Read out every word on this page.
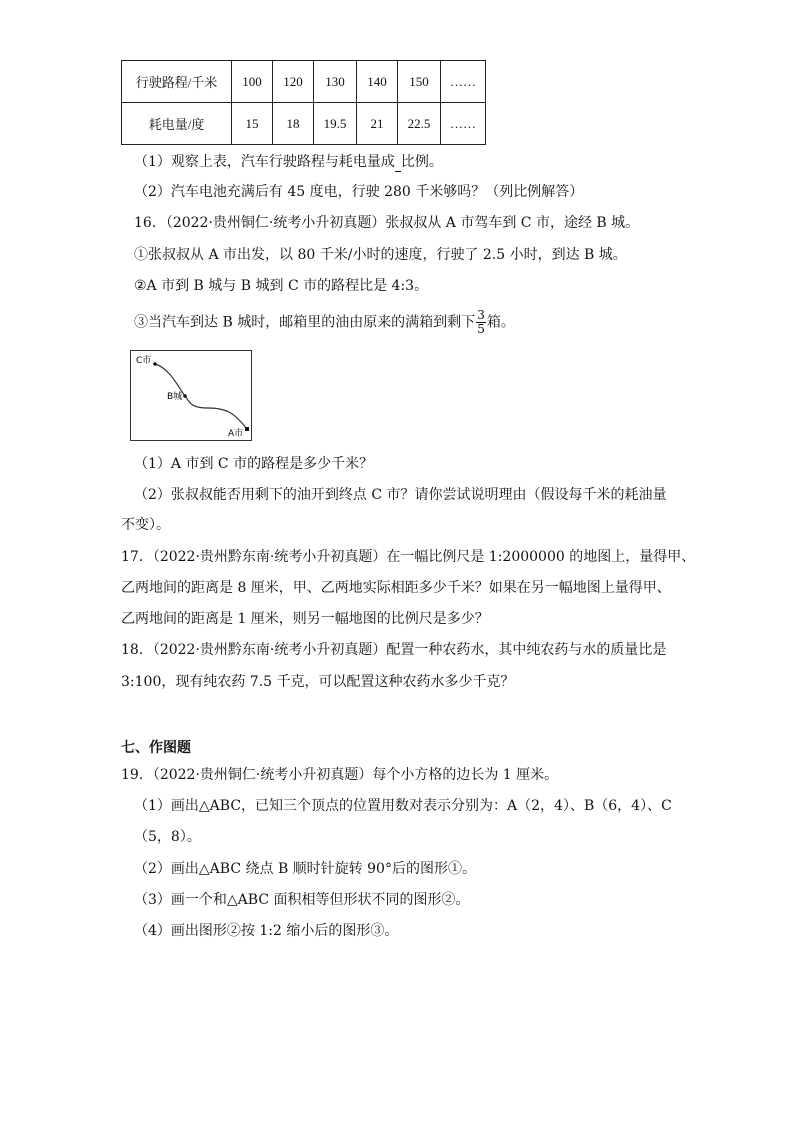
行驶路程/千米	100	120	130	140	150	……
耗电量/度	15	18	19.5	21	22.5	……
（1）观察上表，汽车行驶路程与耗电量成 比例。
（2）汽车电池充满后有 45 度电，行驶 280 千米够吗？（列比例解答）
16．（2022·贵州铜仁·统考小升初真题）张叔叔从 A 市驾车到 C 市，途经 B 城。
①张叔叔从 A 市出发，以 80 千米/小时的速度，行驶了 2.5 小时，到达 B 城。
②A 市到 B 城与 B 城到 C 市的路程比是 4:3。
③当汽车到达 B 城时，邮箱里的油由原来的满箱到剩下 $\frac{3}{5}$ 箱。
C市
B城
A市
（1）A 市到 C 市的路程是多少千米？
（2）张叔叔能否用剩下的油开到终点 C 市？请你尝试说明理由（假设每千米的耗油量
不变）。
17．（2022·贵州黔东南·统考小升初真题）在一幅比例尺是 1:2000000 的地图上，量得甲、
乙两地间的距离是 8 厘米，甲、乙两地实际相距多少千米？如果在另一幅地图上量得甲、
乙两地间的距离是 1 厘米，则另一幅地图的比例尺是多少？
18．（2022·贵州黔东南·统考小升初真题）配置一种农药水，其中纯农药与水的质量比是
3:100，现有纯农药 7.5 千克，可以配置这种农药水多少千克？
七、作图题
19．（2022·贵州铜仁·统考小升初真题）每个小方格的边长为 1 厘米。
（1）画出△ABC，已知三个顶点的位置用数对表示分别为：A（2，4）、B（6，4）、C
（5，8）。
（2）画出△ABC 绕点 B 顺时针旋转 90°后的图形①。
（3）画一个和△ABC 面积相等但形状不同的图形②。
（4）画出图形②按 1:2 缩小后的图形③。
